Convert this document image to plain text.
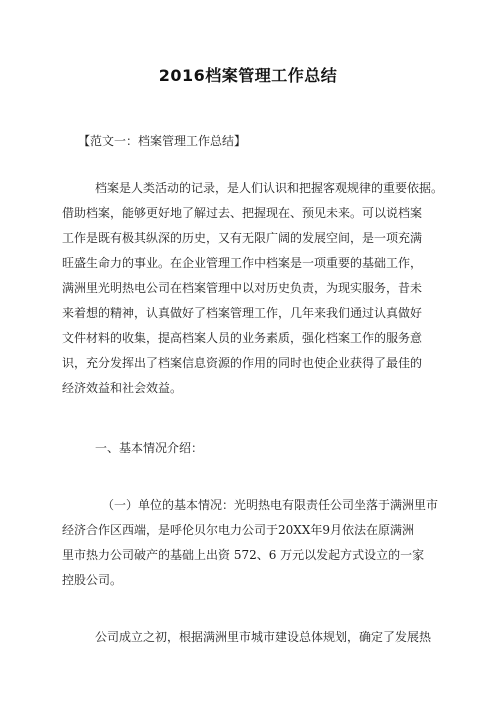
2016档案管理工作总结
【范文一：档案管理工作总结】
档案是人类活动的记录，是人们认识和把握客观规律的重要依据。
借助档案，能够更好地了解过去、把握现在、预见未来。可以说档案
工作是既有极其纵深的历史，又有无限广阔的发展空间，是一项充满
旺盛生命力的事业。在企业管理工作中档案是一项重要的基础工作，
满洲里光明热电公司在档案管理中以对历史负责，为现实服务，昔未
来着想的精神，认真做好了档案管理工作，几年来我们通过认真做好
文件材料的收集，提高档案人员的业务素质，强化档案工作的服务意
识，充分发挥出了档案信息资源的作用的同时也使企业获得了最佳的
经济效益和社会效益。
一、基本情况介绍：
（一）单位的基本情况：光明热电有限责任公司坐落于满洲里市
经济合作区西端，是呼伦贝尔电力公司于20XX年9月依法在原满洲
里市热力公司破产的基础上出资 572、6 万元以发起方式设立的一家
控股公司。
公司成立之初，根据满洲里市城市建设总体规划，确定了发展热
